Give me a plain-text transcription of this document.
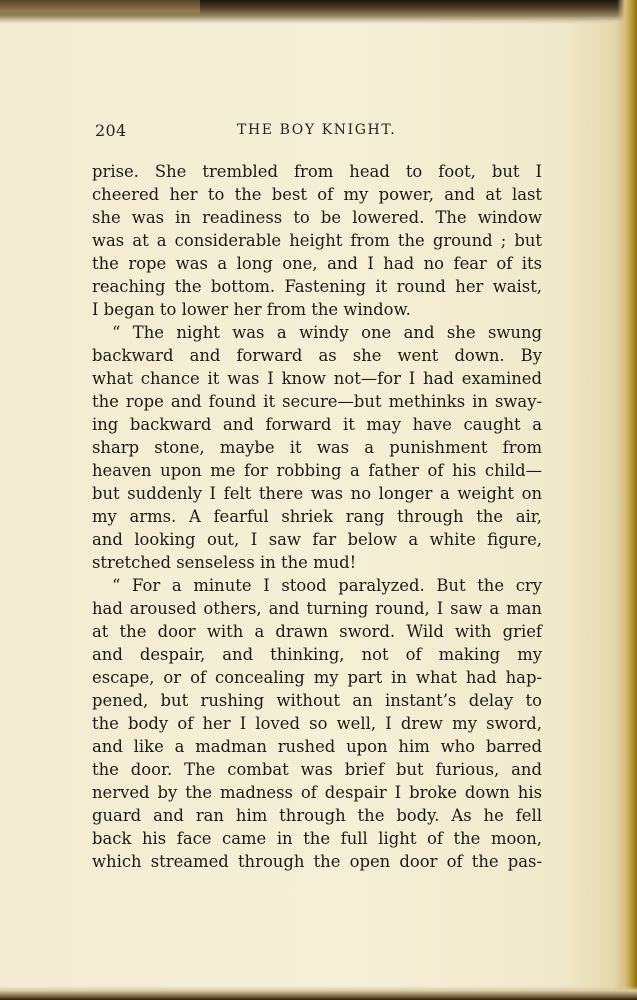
204	THE BOY KNIGHT.
prise. She trembled from head to foot, but I
cheered her to the best of my power, and at last
she was in readiness to be lowered. The window
was at a considerable height from the ground ; but
the rope was a long one, and I had no fear of its
reaching the bottom. Fastening it round her waist,
I began to lower her from the window.
“ The night was a windy one and she swung
backward and forward as she went down. By
what chance it was I know not—for I had examined
the rope and found it secure—but methinks in sway-
ing backward and forward it may have caught a
sharp stone, maybe it was a punishment from
heaven upon me for robbing a father of his child—
but suddenly I felt there was no longer a weight on
my arms. A fearful shriek rang through the air,
and looking out, I saw far below a white figure,
stretched senseless in the mud!
“ For a minute I stood paralyzed. But the cry
had aroused others, and turning round, I saw a man
at the door with a drawn sword. Wild with grief
and despair, and thinking, not of making my
escape, or of concealing my part in what had hap-
pened, but rushing without an instant’s delay to
the body of her I loved so well, I drew my sword,
and like a madman rushed upon him who barred
the door. The combat was brief but furious, and
nerved by the madness of despair I broke down his
guard and ran him through the body. As he fell
back his face came in the full light of the moon,
which streamed through the open door of the pas-
